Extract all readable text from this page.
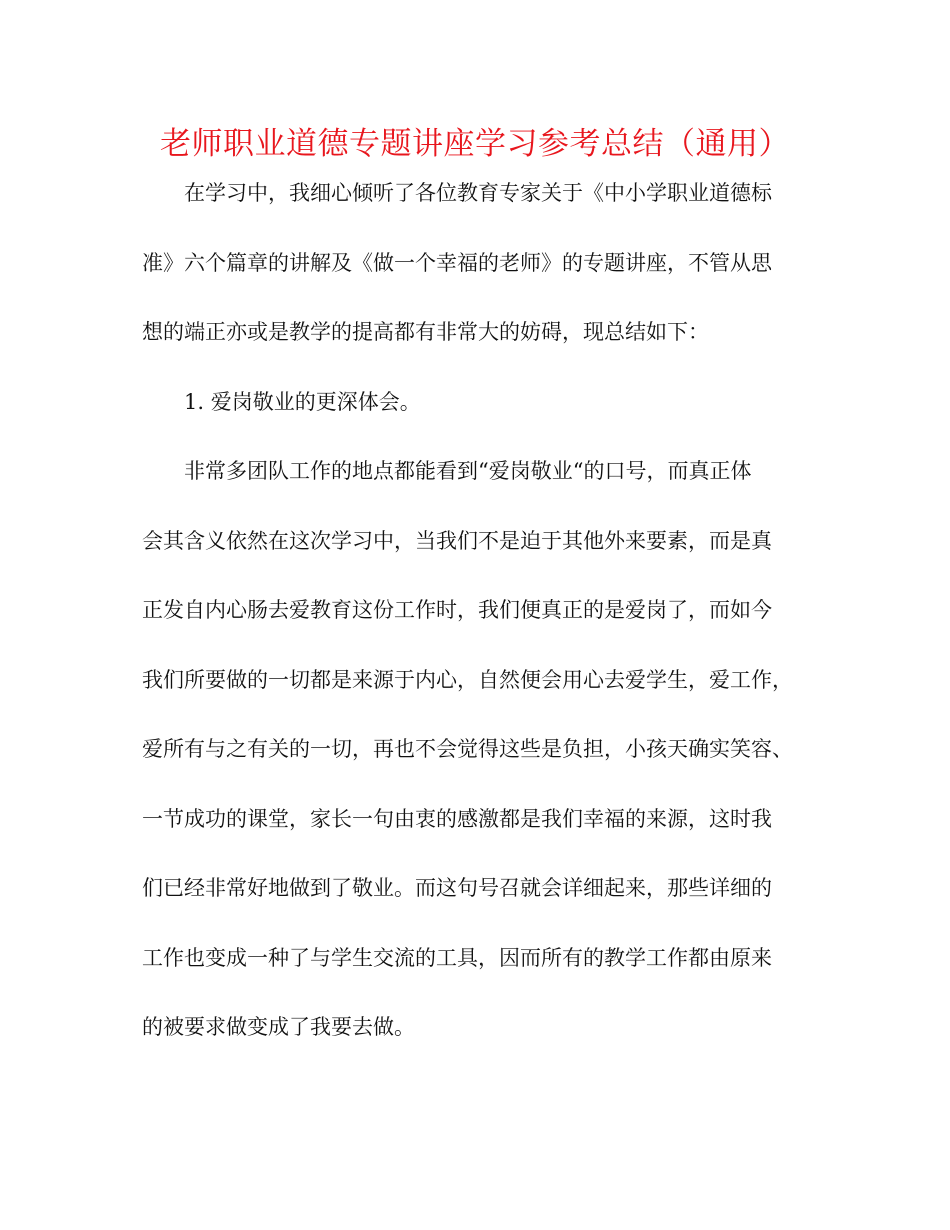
老师职业道德专题讲座学习参考总结（通用）
在学习中，我细心倾听了各位教育专家关于《中小学职业道德标
准》六个篇章的讲解及《做一个幸福的老师》的专题讲座，不管从思
想的端正亦或是教学的提高都有非常大的妨碍，现总结如下：
1. 爱岗敬业的更深体会。
非常多团队工作的地点都能看到“爱岗敬业“的口号，而真正体
会其含义依然在这次学习中，当我们不是迫于其他外来要素，而是真
正发自内心肠去爱教育这份工作时，我们便真正的是爱岗了，而如今
我们所要做的一切都是来源于内心，自然便会用心去爱学生，爱工作，
爱所有与之有关的一切，再也不会觉得这些是负担，小孩天确实笑容、
一节成功的课堂，家长一句由衷的感激都是我们幸福的来源，这时我
们已经非常好地做到了敬业。而这句号召就会详细起来，那些详细的
工作也变成一种了与学生交流的工具，因而所有的教学工作都由原来
的被要求做变成了我要去做。
